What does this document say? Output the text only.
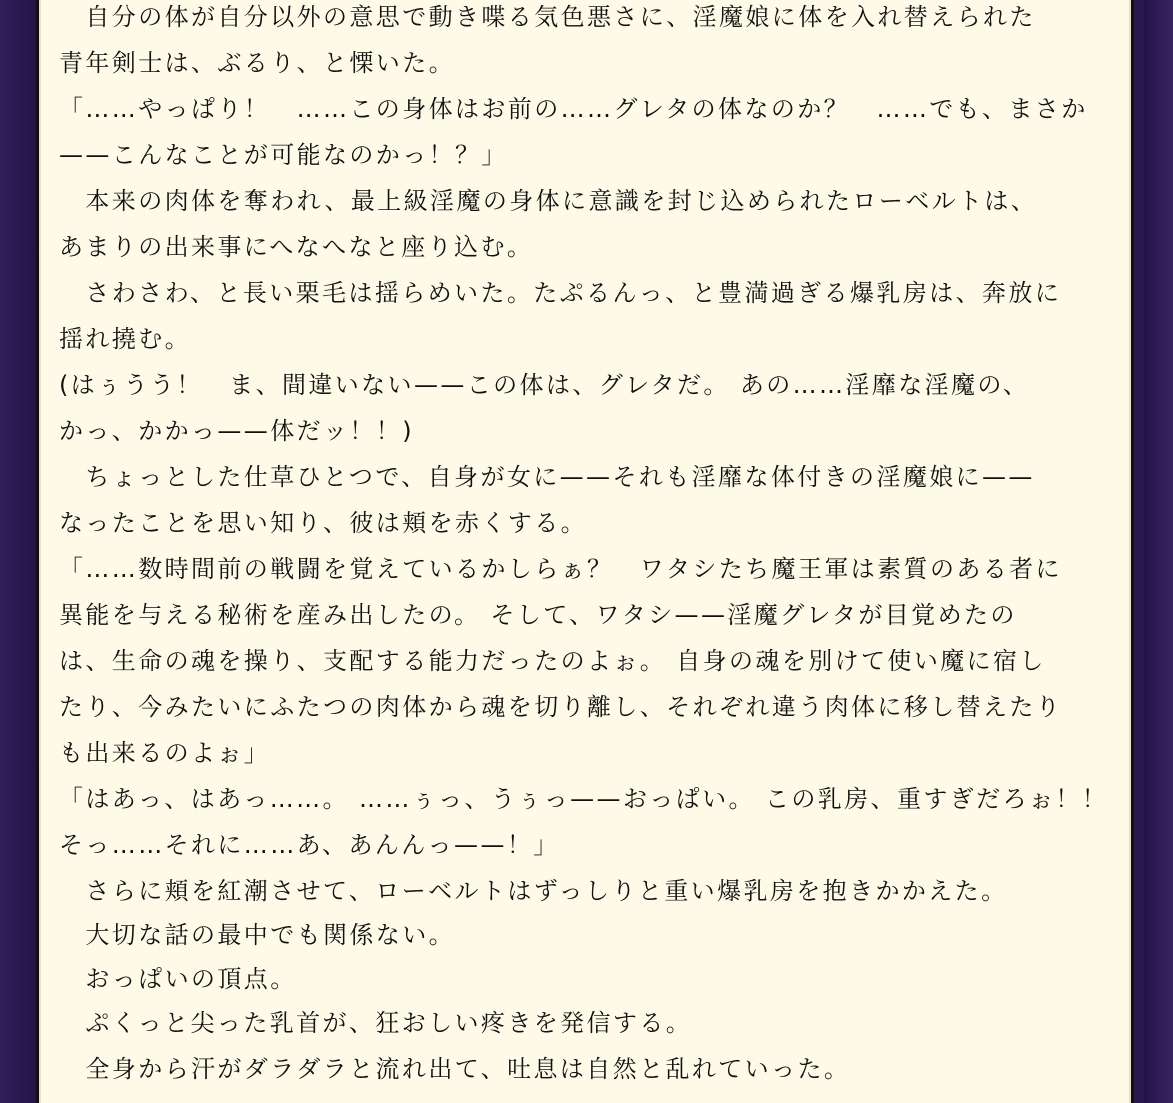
　自分の体が自分以外の意思で動き喋る気色悪さに、淫魔娘に体を入れ替えられた
青年剣士は、ぶるり、と慄いた。
「……やっぱり！　……この身体はお前の……グレタの体なのか？　……でも、まさか
——こんなことが可能なのかっ！？」
　本来の肉体を奪われ、最上級淫魔の身体に意識を封じ込められたローベルトは、
あまりの出来事にへなへなと座り込む。
　さわさわ、と長い栗毛は揺らめいた。たぷるんっ、と豊満過ぎる爆乳房は、奔放に
揺れ撓む。
(はぅうう！　ま、間違いない——この体は、グレタだ。 あの……淫靡な淫魔の、
かっ、かかっ——体だッ！！)
　ちょっとした仕草ひとつで、自身が女に——それも淫靡な体付きの淫魔娘に——
なったことを思い知り、彼は頬を赤くする。
「……数時間前の戦闘を覚えているかしらぁ？　ワタシたち魔王軍は素質のある者に
異能を与える秘術を産み出したの。 そして、ワタシ——淫魔グレタが目覚めたの
は、生命の魂を操り、支配する能力だったのよぉ。 自身の魂を別けて使い魔に宿し
たり、今みたいにふたつの肉体から魂を切り離し、それぞれ違う肉体に移し替えたり
も出来るのよぉ」
「はあっ、はあっ……。 ……ぅっ、うぅっ——おっぱい。 この乳房、重すぎだろぉ！！
そっ……それに……あ、あんんっ——！」
　さらに頬を紅潮させて、ローベルトはずっしりと重い爆乳房を抱きかかえた。
　大切な話の最中でも関係ない。
　おっぱいの頂点。
　ぷくっと尖った乳首が、狂おしい疼きを発信する。
　全身から汗がダラダラと流れ出て、吐息は自然と乱れていった。
